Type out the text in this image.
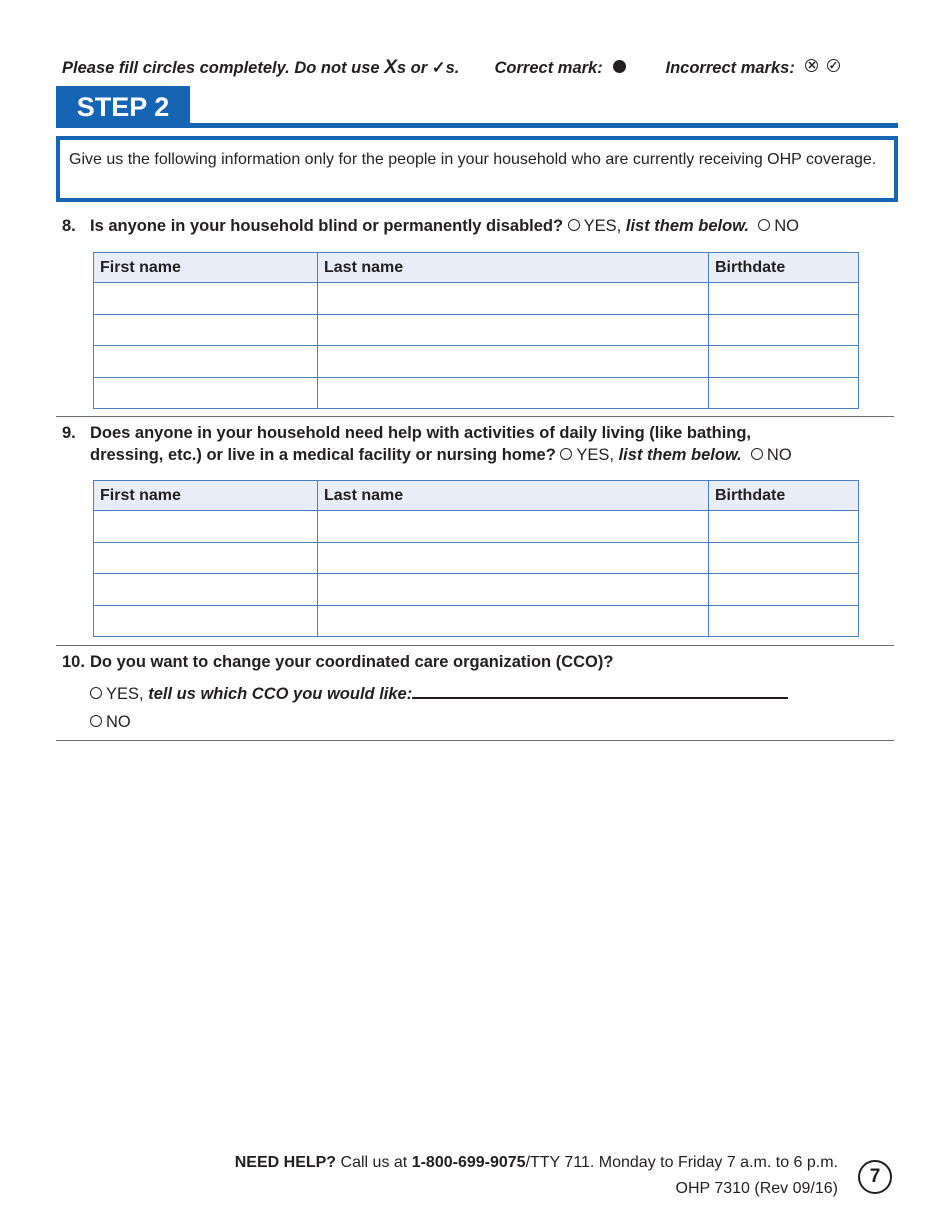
Please fill circles completely. Do not use Xs or ✓s. Correct mark:	Incorrect marks: ✕ ✓
STEP 2
Give us the following information only for the people in your household who are currently receiving OHP coverage.
8. Is anyone in your household blind or permanently disabled? YES, list them below. NO
First name	Last name	Birthdate

9. Does anyone in your household need help with activities of daily living (like bathing,
dressing, etc.) or live in a medical facility or nursing home? YES, list them below. NO
First name	Last name	Birthdate

10. Do you want to change your coordinated care organization (CCO)?
YES, tell us which CCO you would like:
NO
NEED HELP? Call us at 1-800-699-9075/TTY 711. Monday to Friday 7 a.m. to 6 p.m.
OHP 7310 (Rev 09/16)
7
